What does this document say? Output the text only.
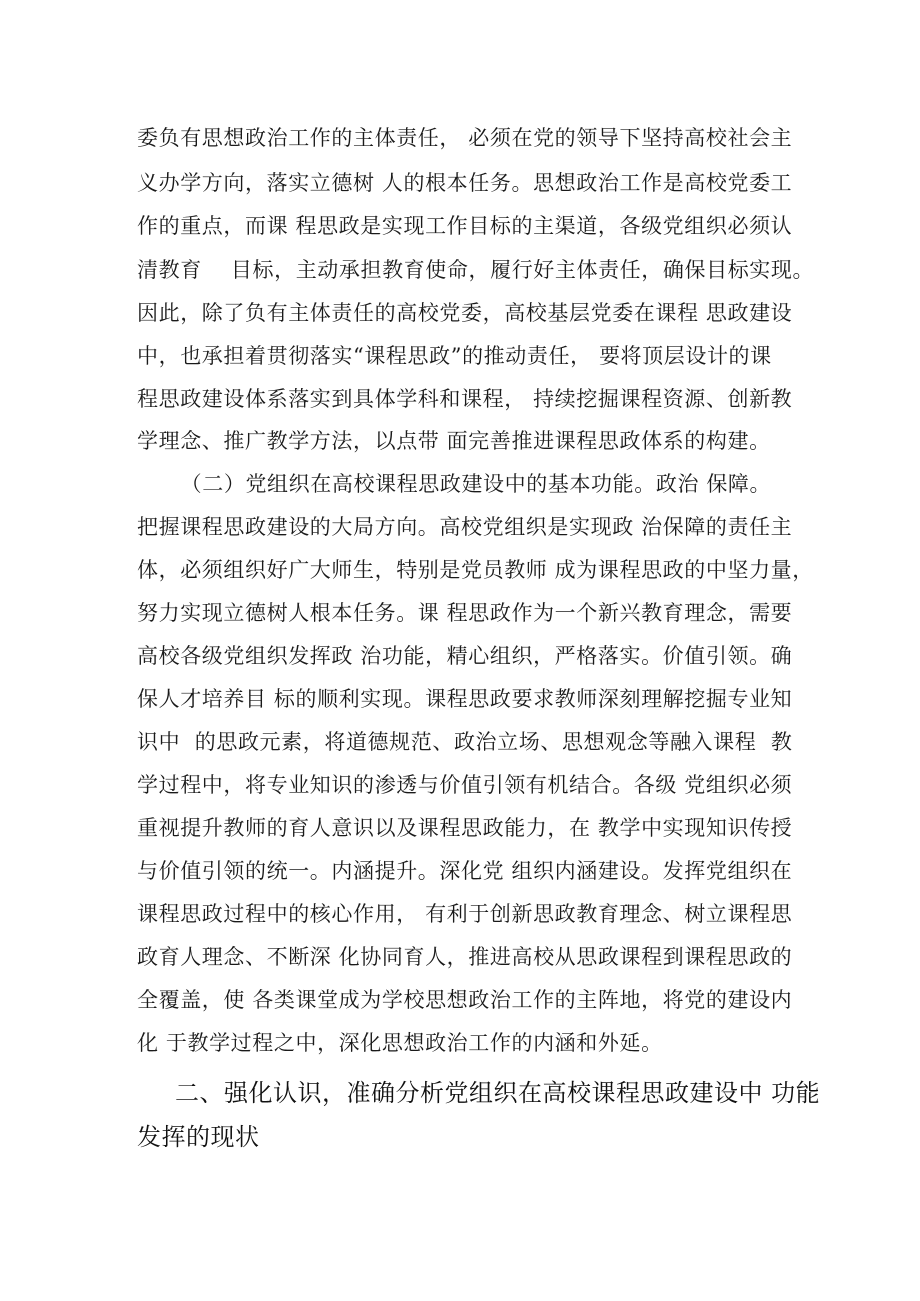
委负有思想政治工作的主体责任， 必须在党的领导下坚持高校社会主
义办学方向，落实立德树 人的根本任务。思想政治工作是高校党委工
作的重点，而课 程思政是实现工作目标的主渠道，各级党组织必须认
清教育    目标，主动承担教育使命，履行好主体责任，确保目标实现。
因此，除了负有主体责任的高校党委，高校基层党委在课程 思政建设
中，也承担着贯彻落实“课程思政”的推动责任， 要将顶层设计的课
程思政建设体系落实到具体学科和课程， 持续挖掘课程资源、创新教
学理念、推广教学方法，以点带 面完善推进课程思政体系的构建。
（二）党组织在高校课程思政建设中的基本功能。政治 保障。
把握课程思政建设的大局方向。高校党组织是实现政 治保障的责任主
体，必须组织好广大师生，特别是党员教师 成为课程思政的中坚力量，
努力实现立德树人根本任务。课 程思政作为一个新兴教育理念，需要
高校各级党组织发挥政 治功能，精心组织，严格落实。价值引领。确
保人才培养目 标的顺利实现。课程思政要求教师深刻理解挖掘专业知
识中  的思政元素，将道德规范、政治立场、思想观念等融入课程  教
学过程中，将专业知识的渗透与价值引领有机结合。各级 党组织必须
重视提升教师的育人意识以及课程思政能力，在 教学中实现知识传授
与价值引领的统一。内涵提升。深化党 组织内涵建设。发挥党组织在
课程思政过程中的核心作用， 有利于创新思政教育理念、树立课程思
政育人理念、不断深 化协同育人，推进高校从思政课程到课程思政的
全覆盖，使 各类课堂成为学校思想政治工作的主阵地，将党的建设内
化 于教学过程之中，深化思想政治工作的内涵和外延。
二、强化认识，准确分析党组织在高校课程思政建设中 功能
发挥的现状
